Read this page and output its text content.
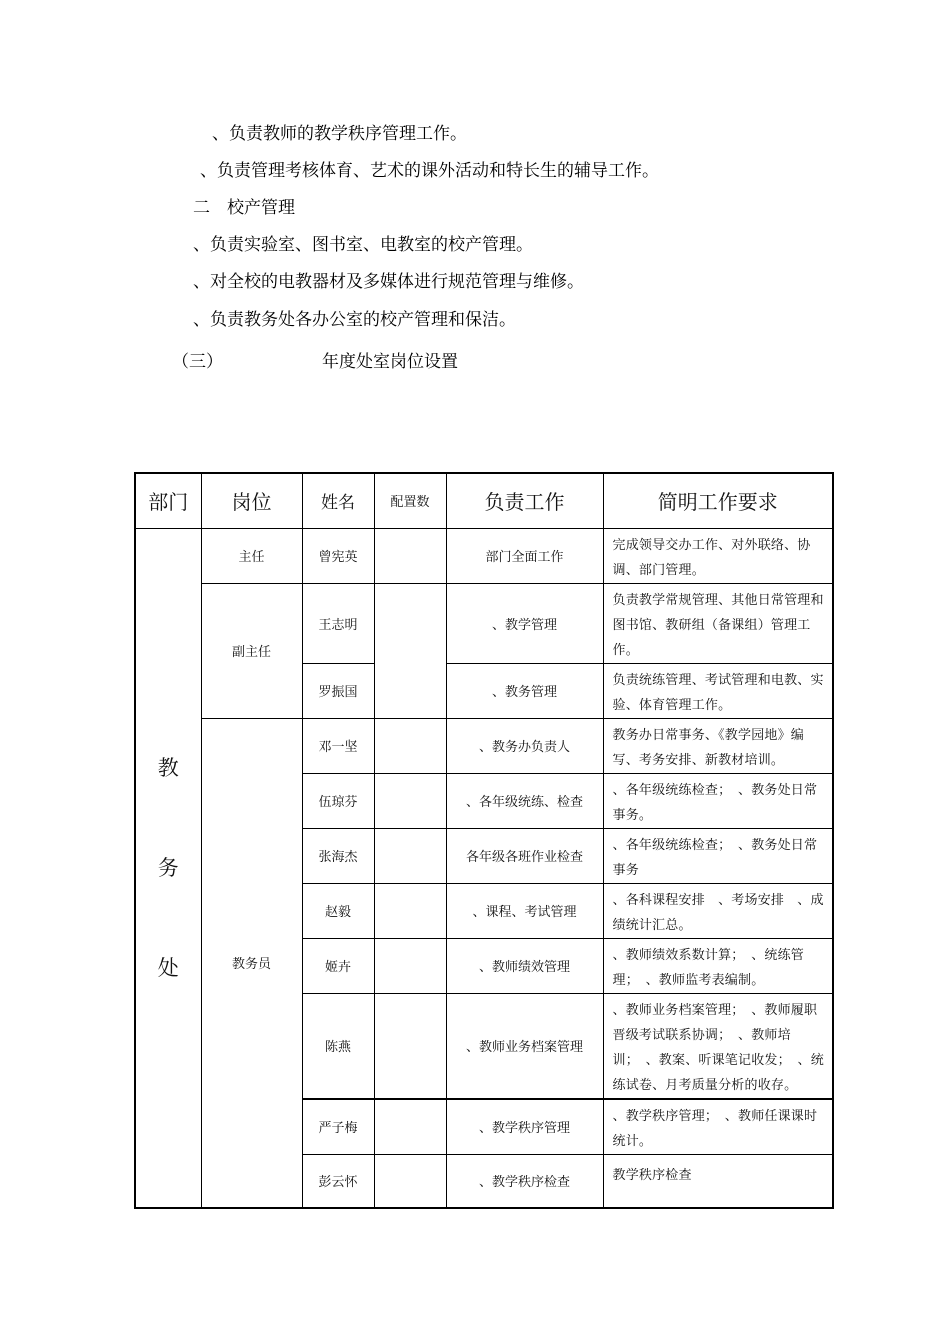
、负责教师的教学秩序管理工作。
、负责管理考核体育、艺术的课外活动和特长生的辅导工作。
二　校产管理
、负责实验室、图书室、电教室的校产管理。
、对全校的电教器材及多媒体进行规范管理与维修。
、负责教务处各办公室的校产管理和保洁。
（三）	年度处室岗位设置
部门	岗位	姓名	配置数	负责工作	简明工作要求

教
务
处	主任	曾宪英		部门全面工作	完成领导交办工作、对外联络、协调、部门管理。
	副主任	王志明		、教学管理	负责教学常规管理、其他日常管理和图书馆、教研组（备课组）管理工作。
		罗振国		、教务管理	负责统练管理、考试管理和电教、实验、体育管理工作。
	教务员	邓一坚		、教务办负责人	教务办日常事务、《教学园地》编写、考务安排、新教材培训。
		伍琼芬		、各年级统练、检查	、各年级统练检查；　、教务处日常事务。
		张海杰		各年级各班作业检查	、各年级统练检查；　、教务处日常事务
		赵毅		、课程、考试管理	、各科课程安排　、考场安排　、成绩统计汇总。
		姬卉		、教师绩效管理	、教师绩效系数计算；　、统练管理；　、教师监考表编制。
		陈燕		、教师业务档案管理	、教师业务档案管理；　、教师履职晋级考试联系协调；　、教师培训；　、教案、听课笔记收发；　、统练试卷、月考质量分析的收存。
		严子梅		、教学秩序管理	、教学秩序管理；　、教师任课课时统计。
		彭云怀		、教学秩序检查	教学秩序检查
